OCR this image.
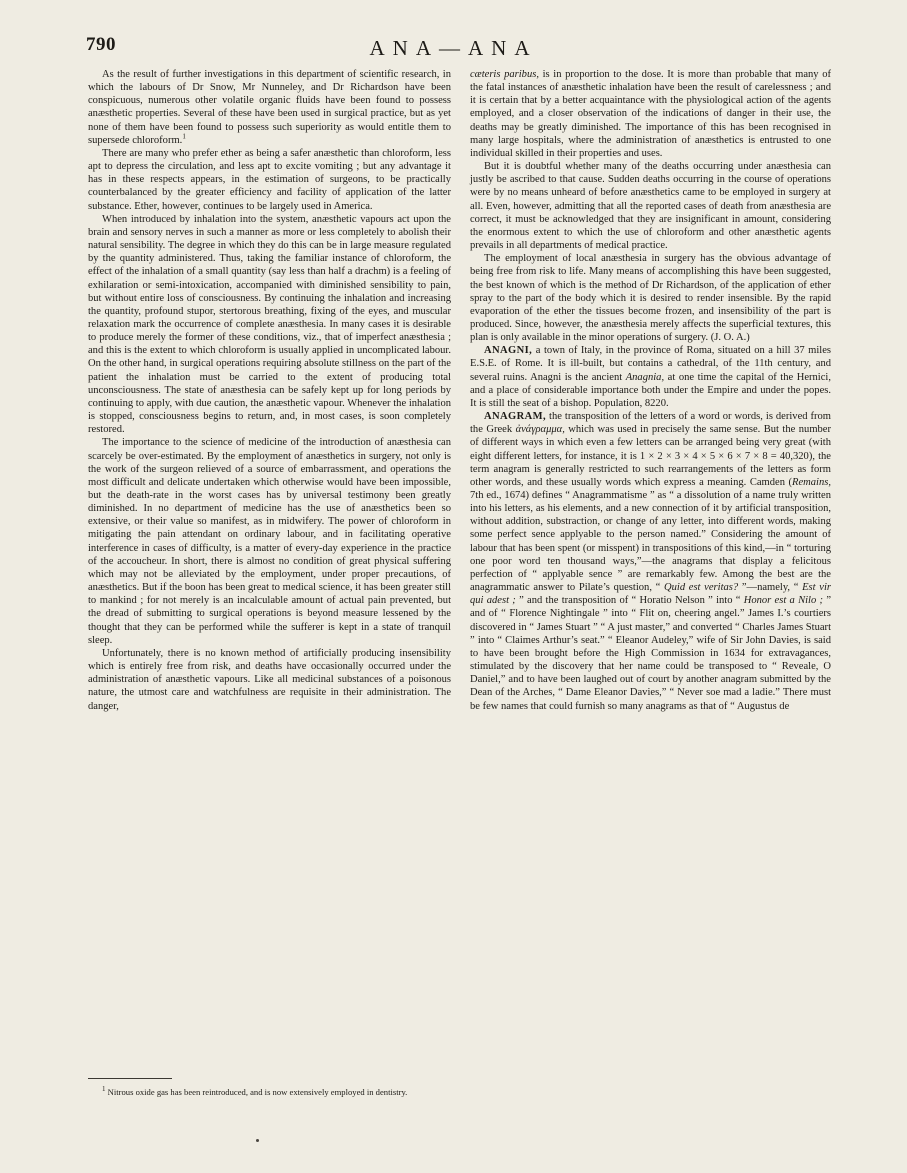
790	ANA—ANA

As the result of further investigations in this department of scientific research, in which the labours of Dr Snow, Mr Nunneley, and Dr Richardson have been conspicuous, numerous other volatile organic fluids have been found to possess anæsthetic properties. Several of these have been used in surgical practice, but as yet none of them have been found to possess such superiority as would entitle them to supersede chloroform.$^1$

There are many who prefer ether as being a safer anæsthetic than chloroform, less apt to depress the circulation, and less apt to excite vomiting ; but any advantage it has in these respects appears, in the estimation of surgeons, to be practically counterbalanced by the greater efficiency and facility of application of the latter substance. Ether, however, continues to be largely used in America.

When introduced by inhalation into the system, anæsthetic vapours act upon the brain and sensory nerves in such a manner as more or less completely to abolish their natural sensibility. The degree in which they do this can be in large measure regulated by the quantity administered. Thus, taking the familiar instance of chloroform, the effect of the inhalation of a small quantity (say less than half a drachm) is a feeling of exhilaration or semi-intoxication, accompanied with diminished sensibility to pain, but without entire loss of consciousness. By continuing the inhalation and increasing the quantity, profound stupor, stertorous breathing, fixing of the eyes, and muscular relaxation mark the occurrence of complete anæsthesia. In many cases it is desirable to produce merely the former of these conditions, viz., that of imperfect anæsthesia ; and this is the extent to which chloroform is usually applied in uncomplicated labour. On the other hand, in surgical operations requiring absolute stillness on the part of the patient the inhalation must be carried to the extent of producing total unconsciousness. The state of anæsthesia can be safely kept up for long periods by continuing to apply, with due caution, the anæsthetic vapour. Whenever the inhalation is stopped, consciousness begins to return, and, in most cases, is soon completely restored.

The importance to the science of medicine of the introduction of anæsthesia can scarcely be over-estimated. By the employment of anæsthetics in surgery, not only is the work of the surgeon relieved of a source of embarrassment, and operations the most difficult and delicate undertaken which otherwise would have been impossible, but the death-rate in the worst cases has by universal testimony been greatly diminished. In no department of medicine has the use of anæsthetics been so extensive, or their value so manifest, as in midwifery. The power of chloroform in mitigating the pain attendant on ordinary labour, and in facilitating operative interference in cases of difficulty, is a matter of every-day experience in the practice of the accoucheur. In short, there is almost no condition of great physical suffering which may not be alleviated by the employment, under proper precautions, of anæsthetics. But if the boon has been great to medical science, it has been greater still to mankind ; for not merely is an incalculable amount of actual pain prevented, but the dread of submitting to surgical operations is beyond measure lessened by the thought that they can be performed while the sufferer is kept in a state of tranquil sleep.

Unfortunately, there is no known method of artificially producing insensibility which is entirely free from risk, and deaths have occasionally occurred under the administration of anæsthetic vapours. Like all medicinal substances of a poisonous nature, the utmost care and watchfulness are requisite in their administration. The danger,

$^1$ Nitrous oxide gas has been reintroduced, and is now extensively employed in dentistry.

cæteris paribus, is in proportion to the dose. It is more than probable that many of the fatal instances of anæsthetic inhalation have been the result of carelessness ; and it is certain that by a better acquaintance with the physiological action of the agents employed, and a closer observation of the indications of danger in their use, the deaths may be greatly diminished. The importance of this has been recognised in many large hospitals, where the administration of anæsthetics is entrusted to one individual skilled in their properties and uses.

But it is doubtful whether many of the deaths occurring under anæsthesia can justly be ascribed to that cause. Sudden deaths occurring in the course of operations were by no means unheard of before anæsthetics came to be employed in surgery at all. Even, however, admitting that all the reported cases of death from anæsthesia are correct, it must be acknowledged that they are insignificant in amount, considering the enormous extent to which the use of chloroform and other anæsthetic agents prevails in all departments of medical practice.

The employment of local anæsthesia in surgery has the obvious advantage of being free from risk to life. Many means of accomplishing this have been suggested, the best known of which is the method of Dr Richardson, of the application of ether spray to the part of the body which it is desired to render insensible. By the rapid evaporation of the ether the tissues become frozen, and insensibility of the part is produced. Since, however, the anæsthesia merely affects the superficial textures, this plan is only available in the minor operations of surgery. (J. O. A.)

ANAGNI, a town of Italy, in the province of Roma, situated on a hill 37 miles E.S.E. of Rome. It is ill-built, but contains a cathedral, of the 11th century, and several ruins. Anagni is the ancient Anagnia, at one time the capital of the Hernici, and a place of considerable importance both under the Empire and under the popes. It is still the seat of a bishop. Population, 8220.

ANAGRAM, the transposition of the letters of a word or words, is derived from the Greek ἀνάγραμμα, which was used in precisely the same sense. But the number of different ways in which even a few letters can be arranged being very great (with eight different letters, for instance, it is 1 × 2 × 3 × 4 × 5 × 6 × 7 × 8 = 40,320), the term anagram is generally restricted to such rearrangements of the letters as form other words, and these usually words which express a meaning. Camden (Remains, 7th ed., 1674) defines “ Anagrammatisme ” as “ a dissolution of a name truly written into his letters, as his elements, and a new connection of it by artificial transposition, without addition, substraction, or change of any letter, into different words, making some perfect sence applyable to the person named.” Considering the amount of labour that has been spent (or misspent) in transpositions of this kind,—in “ torturing one poor word ten thousand ways,”—the anagrams that display a felicitous perfection of “ applyable sence ” are remarkably few. Among the best are the anagrammatic answer to Pilate’s question, “ Quid est veritas? ”—namely, “ Est vir qui adest ; ” and the transposition of “ Horatio Nelson ” into “ Honor est a Nilo ; ” and of “ Florence Nightingale ” into “ Flit on, cheering angel.” James I.’s courtiers discovered in “ James Stuart ” “ A just master,” and converted “ Charles James Stuart ” into “ Claimes Arthur’s seat.” “ Eleanor Audeley,” wife of Sir John Davies, is said to have been brought before the High Commission in 1634 for extravagances, stimulated by the discovery that her name could be transposed to “ Reveale, O Daniel,” and to have been laughed out of court by another anagram submitted by the Dean of the Arches, “ Dame Eleanor Davies,” “ Never soe mad a ladie.” There must be few names that could furnish so many anagrams as that of “ Augustus de
